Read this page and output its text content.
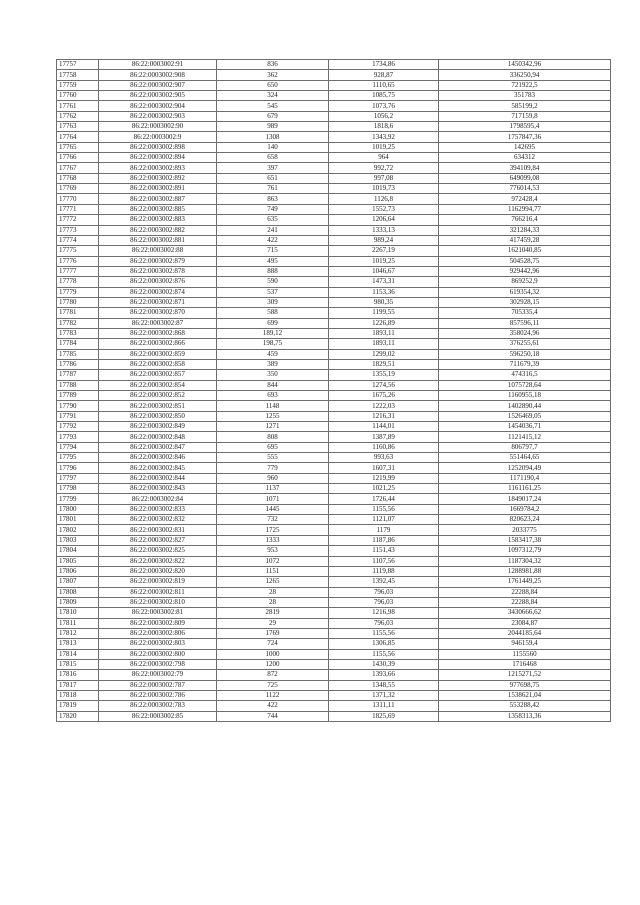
17757	86:22:0003002:91	836	1734,86	1450342,96
17758	86:22:0003002:908	362	928,87	336250,94
17759	86:22:0003002:907	650	1110,65	721922,5
17760	86:22:0003002:905	324	1085,75	351783
17761	86:22:0003002:904	545	1073,76	585199,2
17762	86:22:0003002:903	679	1056,2	717159,8
17763	86:22:0003002:90	989	1818,6	1798595,4
17764	86:22:0003002:9	1308	1343,92	1757847,36
17765	86:22:0003002:898	140	1019,25	142695
17766	86:22:0003002:894	658	964	634312
17767	86:22:0003002:893	397	992,72	394109,84
17768	86:22:0003002:892	651	997,08	649099,08
17769	86:22:0003002:891	761	1019,73	776014,53
17770	86:22:0003002:887	863	1126,8	972428,4
17771	86:22:0003002:885	749	1552,73	1162994,77
17772	86:22:0003002:883	635	1206,64	766216,4
17773	86:22:0003002:882	241	1333,13	321284,33
17774	86:22:0003002:881	422	989,24	417459,28
17775	86:22:0003002:88	715	2267,19	1621040,85
17776	86:22:0003002:879	495	1019,25	504528,75
17777	86:22:0003002:878	888	1046,67	929442,96
17778	86:22:0003002:876	590	1473,31	869252,9
17779	86:22:0003002:874	537	1153,36	619354,32
17780	86:22:0003002:871	309	980,35	302928,15
17781	86:22:0003002:870	588	1199,55	705335,4
17782	86:22:0003002:87	699	1226,89	857596,11
17783	86:22:0003002:868	189,12	1893,11	358024,96
17784	86:22:0003002:866	198,75	1893,11	376255,61
17785	86:22:0003002:859	459	1299,02	596250,18
17786	86:22:0003002:858	389	1829,51	711679,39
17787	86:22:0003002:857	350	1355,19	474316,5
17788	86:22:0003002:854	844	1274,56	1075728,64
17789	86:22:0003002:852	693	1675,26	1160955,18
17790	86:22:0003002:851	1148	1222,03	1402890,44
17791	86:22:0003002:850	1255	1216,31	1526469,05
17792	86:22:0003002:849	1271	1144,01	1454036,71
17793	86:22:0003002:848	808	1387,89	1121415,12
17794	86:22:0003002:847	695	1160,86	806797,7
17795	86:22:0003002:846	555	993,63	551464,65
17796	86:22:0003002:845	779	1607,31	1252094,49
17797	86:22:0003002:844	960	1219,99	1171190,4
17798	86:22:0003002:843	1137	1021,25	1161161,25
17799	86:22:0003002:84	1071	1726,44	1849017,24
17800	86:22:0003002:833	1445	1155,56	1669784,2
17801	86:22:0003002:832	732	1121,07	820623,24
17802	86:22:0003002:831	1725	1179	2033775
17803	86:22:0003002:827	1333	1187,86	1583417,38
17804	86:22:0003002:825	953	1151,43	1097312,79
17805	86:22:0003002:822	1072	1107,56	1187304,32
17806	86:22:0003002:820	1151	1119,88	1288981,88
17807	86:22:0003002:819	1265	1392,45	1761449,25
17808	86:22:0003002:811	28	796,03	22288,84
17809	86:22:0003002:810	28	796,03	22288,84
17810	86:22:0003002:81	2819	1216,98	3430666,62
17811	86:22:0003002:809	29	796,03	23084,87
17812	86:22:0003002:806	1769	1155,56	2044185,64
17813	86:22:0003002:803	724	1306,85	946159,4
17814	86:22:0003002:800	1000	1155,56	1155560
17815	86:22:0003002:798	1200	1430,39	1716468
17816	86:22:0003002:79	872	1393,66	1215271,52
17817	86:22:0003002:787	725	1348,55	977698,75
17818	86:22:0003002:786	1122	1371,32	1538621,04
17819	86:22:0003002:783	422	1311,11	553288,42
17820	86:22:0003002:85	744	1825,69	1358313,36
